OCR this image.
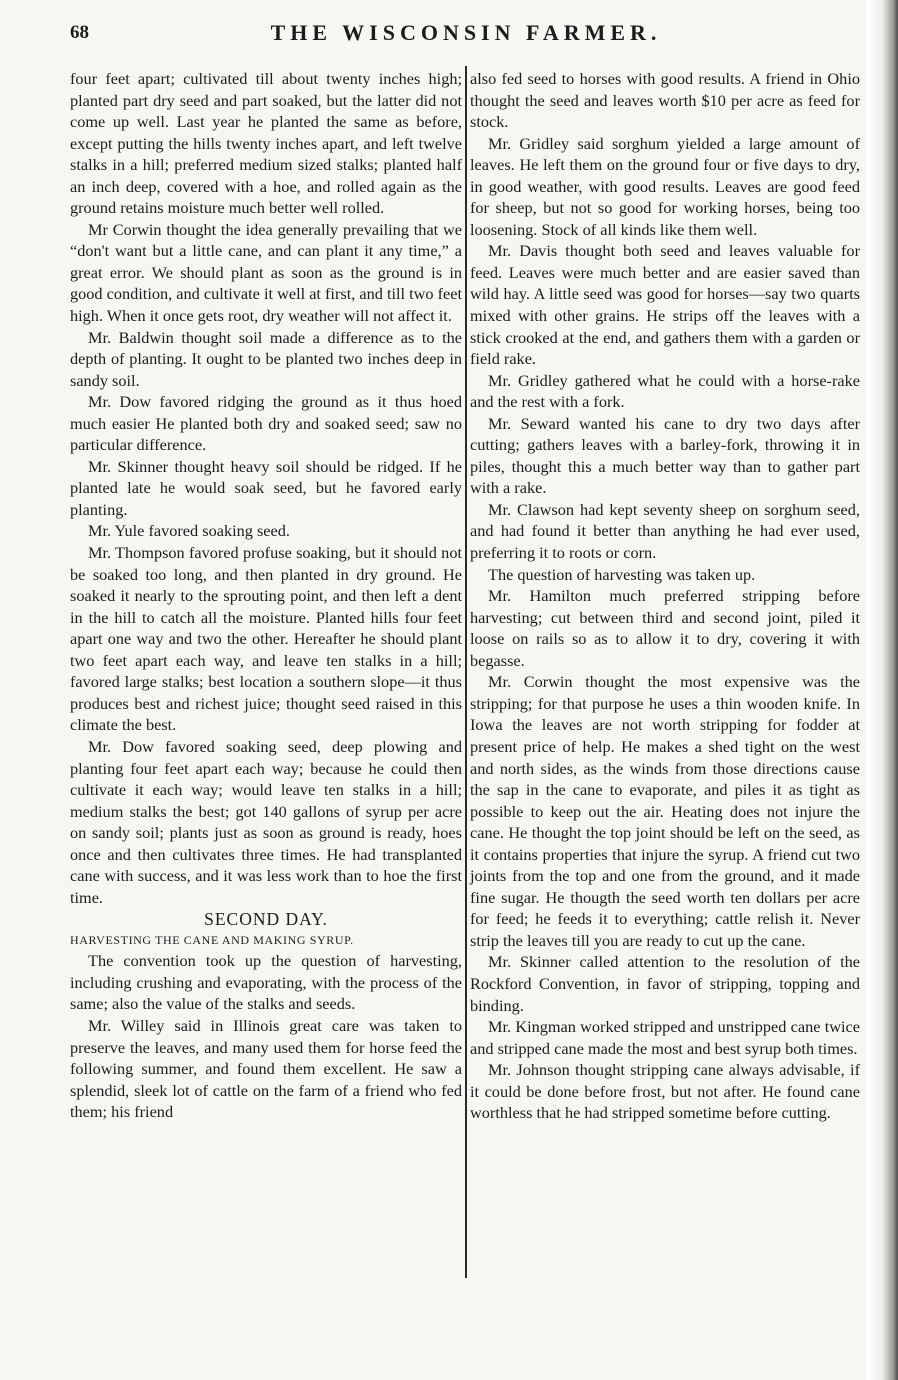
68	THE WISCONSIN FARMER.

four feet apart; cultivated till about twenty inches high; planted part dry seed and part soaked, but the latter did not come up well. Last year he planted the same as before, except putting the hills twenty inches apart, and left twelve stalks in a hill; preferred medium sized stalks; planted half an inch deep, covered with a hoe, and rolled again as the ground retains moisture much better well rolled.

Mr Corwin thought the idea generally prevailing that we “don't want but a little cane, and can plant it any time,” a great error. We should plant as soon as the ground is in good condition, and cultivate it well at first, and till two feet high. When it once gets root, dry weather will not affect it.

Mr. Baldwin thought soil made a difference as to the depth of planting. It ought to be planted two inches deep in sandy soil.

Mr. Dow favored ridging the ground as it thus hoed much easier He planted both dry and soaked seed; saw no particular difference.

Mr. Skinner thought heavy soil should be ridged. If he planted late he would soak seed, but he favored early planting.

Mr. Yule favored soaking seed.

Mr. Thompson favored profuse soaking, but it should not be soaked too long, and then planted in dry ground. He soaked it nearly to the sprouting point, and then left a dent in the hill to catch all the moisture. Planted hills four feet apart one way and two the other. Hereafter he should plant two feet apart each way, and leave ten stalks in a hill; favored large stalks; best location a southern slope—it thus produces best and richest juice; thought seed raised in this climate the best.

Mr. Dow favored soaking seed, deep plowing and planting four feet apart each way; because he could then cultivate it each way; would leave ten stalks in a hill; medium stalks the best; got 140 gallons of syrup per acre on sandy soil; plants just as soon as ground is ready, hoes once and then cultivates three times. He had transplanted cane with success, and it was less work than to hoe the first time.

SECOND DAY.

HARVESTING THE CANE AND MAKING SYRUP.

The convention took up the question of harvesting, including crushing and evaporating, with the process of the same; also the value of the stalks and seeds.

Mr. Willey said in Illinois great care was taken to preserve the leaves, and many used them for horse feed the following summer, and found them excellent. He saw a splendid, sleek lot of cattle on the farm of a friend who fed them; his friend

also fed seed to horses with good results. A friend in Ohio thought the seed and leaves worth $10 per acre as feed for stock.

Mr. Gridley said sorghum yielded a large amount of leaves. He left them on the ground four or five days to dry, in good weather, with good results. Leaves are good feed for sheep, but not so good for working horses, being too loosening. Stock of all kinds like them well.

Mr. Davis thought both seed and leaves valuable for feed. Leaves were much better and are easier saved than wild hay. A little seed was good for horses—say two quarts mixed with other grains. He strips off the leaves with a stick crooked at the end, and gathers them with a garden or field rake.

Mr. Gridley gathered what he could with a horse-rake and the rest with a fork.

Mr. Seward wanted his cane to dry two days after cutting; gathers leaves with a barley-fork, throwing it in piles, thought this a much better way than to gather part with a rake.

Mr. Clawson had kept seventy sheep on sorghum seed, and had found it better than anything he had ever used, preferring it to roots or corn.

The question of harvesting was taken up.

Mr. Hamilton much preferred stripping before harvesting; cut between third and second joint, piled it loose on rails so as to allow it to dry, covering it with begasse.

Mr. Corwin thought the most expensive was the stripping; for that purpose he uses a thin wooden knife. In Iowa the leaves are not worth stripping for fodder at present price of help. He makes a shed tight on the west and north sides, as the winds from those directions cause the sap in the cane to evaporate, and piles it as tight as possible to keep out the air. Heating does not injure the cane. He thought the top joint should be left on the seed, as it contains properties that injure the syrup. A friend cut two joints from the top and one from the ground, and it made fine sugar. He thougth the seed worth ten dollars per acre for feed; he feeds it to everything; cattle relish it. Never strip the leaves till you are ready to cut up the cane.

Mr. Skinner called attention to the resolution of the Rockford Convention, in favor of stripping, topping and binding.

Mr. Kingman worked stripped and unstripped cane twice and stripped cane made the most and best syrup both times.

Mr. Johnson thought stripping cane always advisable, if it could be done before frost, but not after. He found cane worthless that he had stripped sometime before cutting.
